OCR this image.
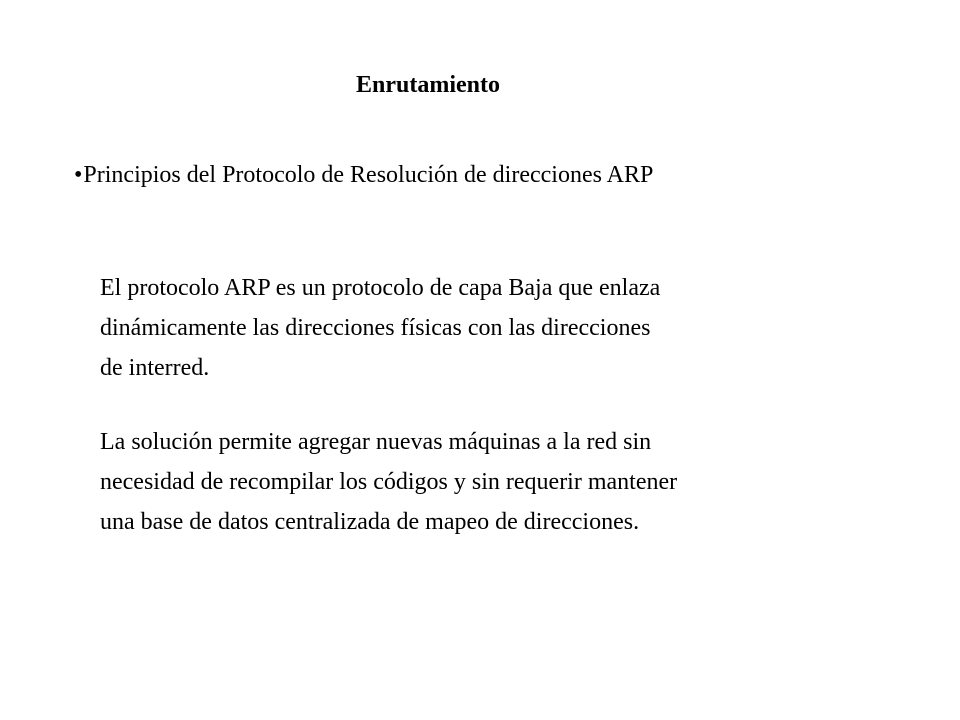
Enrutamiento
•Principios del Protocolo de Resolución de direcciones ARP
El protocolo ARP es un protocolo de capa Baja que enlaza
dinámicamente las direcciones físicas con las direcciones
de interred.
La solución permite agregar nuevas máquinas a la red sin
necesidad de recompilar los códigos y sin requerir mantener
una base de datos centralizada de mapeo de direcciones.
